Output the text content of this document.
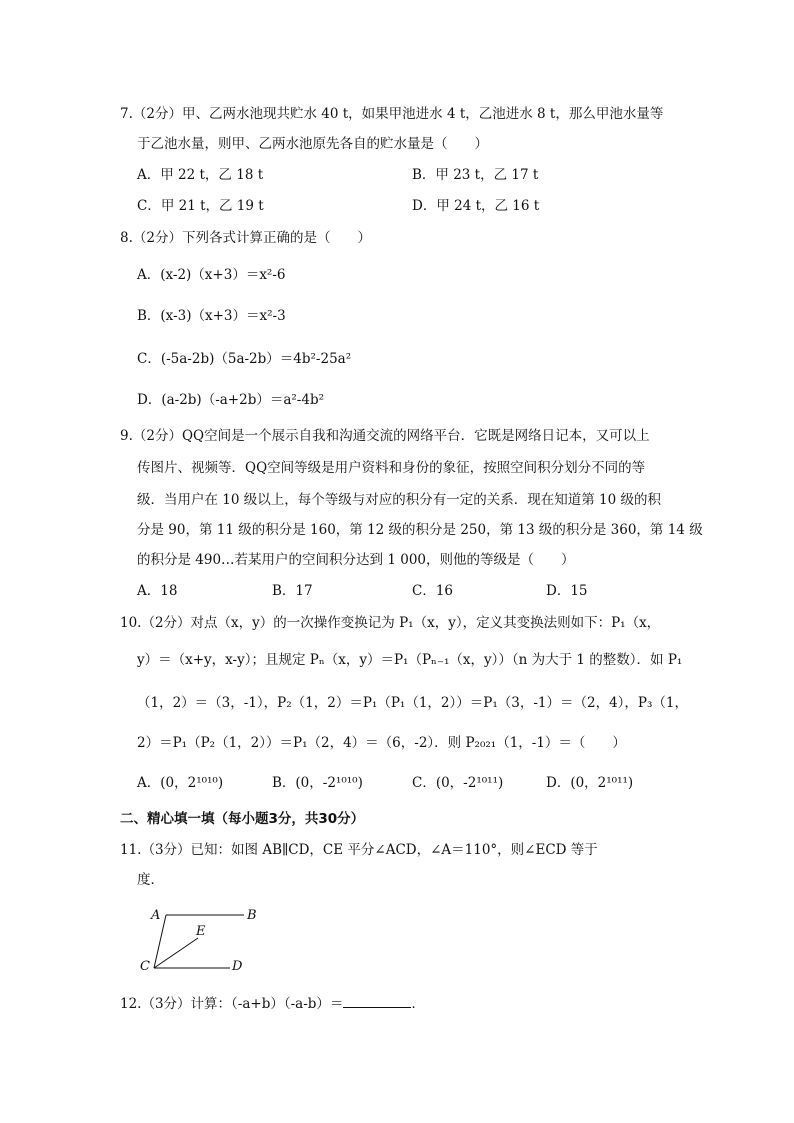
7.（2分）甲、乙两水池现共贮水 40 t，如果甲池进水 4 t，乙池进水 8 t，那么甲池水量等
于乙池水量，则甲、乙两水池原先各自的贮水量是（　　）
A．甲 22 t，乙 18 t	B．甲 23 t，乙 17 t
C．甲 21 t，乙 19 t	D．甲 24 t，乙 16 t
8.（2分）下列各式计算正确的是（　　）
A．(x-2)（x+3）＝x²-6
B．(x-3)（x+3）＝x²-3
C．(-5a-2b)（5a-2b）＝4b²-25a²
D．(a-2b)（-a+2b）＝a²-4b²
9.（2分）QQ空间是一个展示自我和沟通交流的网络平台．它既是网络日记本，又可以上
传图片、视频等．QQ空间等级是用户资料和身份的象征，按照空间积分划分不同的等
级．当用户在 10 级以上，每个等级与对应的积分有一定的关系．现在知道第 10 级的积
分是 90，第 11 级的积分是 160，第 12 级的积分是 250，第 13 级的积分是 360，第 14 级
的积分是 490…若某用户的空间积分达到 1 000，则他的等级是（　　）
A．18	B．17	C．16	D．15
10.（2分）对点（x，y）的一次操作变换记为 P₁（x，y），定义其变换法则如下：P₁（x，
y）＝（x+y，x-y）；且规定 Pₙ（x，y）＝P₁（Pₙ₋₁（x，y））（n 为大于 1 的整数）．如 P₁
（1，2）＝（3，-1），P₂（1，2）＝P₁（P₁（1，2））＝P₁（3，-1）＝（2，4），P₃（1，
2）＝P₁（P₂（1，2））＝P₁（2，4）＝（6，-2）．则 P₂₀₂₁（1，-1）＝（　　）
A．(0，2¹⁰¹⁰)	B．(0，-2¹⁰¹⁰)	C．(0，-2¹⁰¹¹)	D．(0，2¹⁰¹¹)
二、精心填一填（每小题3分，共30分）
11.（3分）已知：如图 AB∥CD，CE 平分∠ACD，∠A＝110°，则∠ECD 等于
度．
A	B
C	D
E
12.（3分）计算：（-a+b）（-a-b）＝	．
